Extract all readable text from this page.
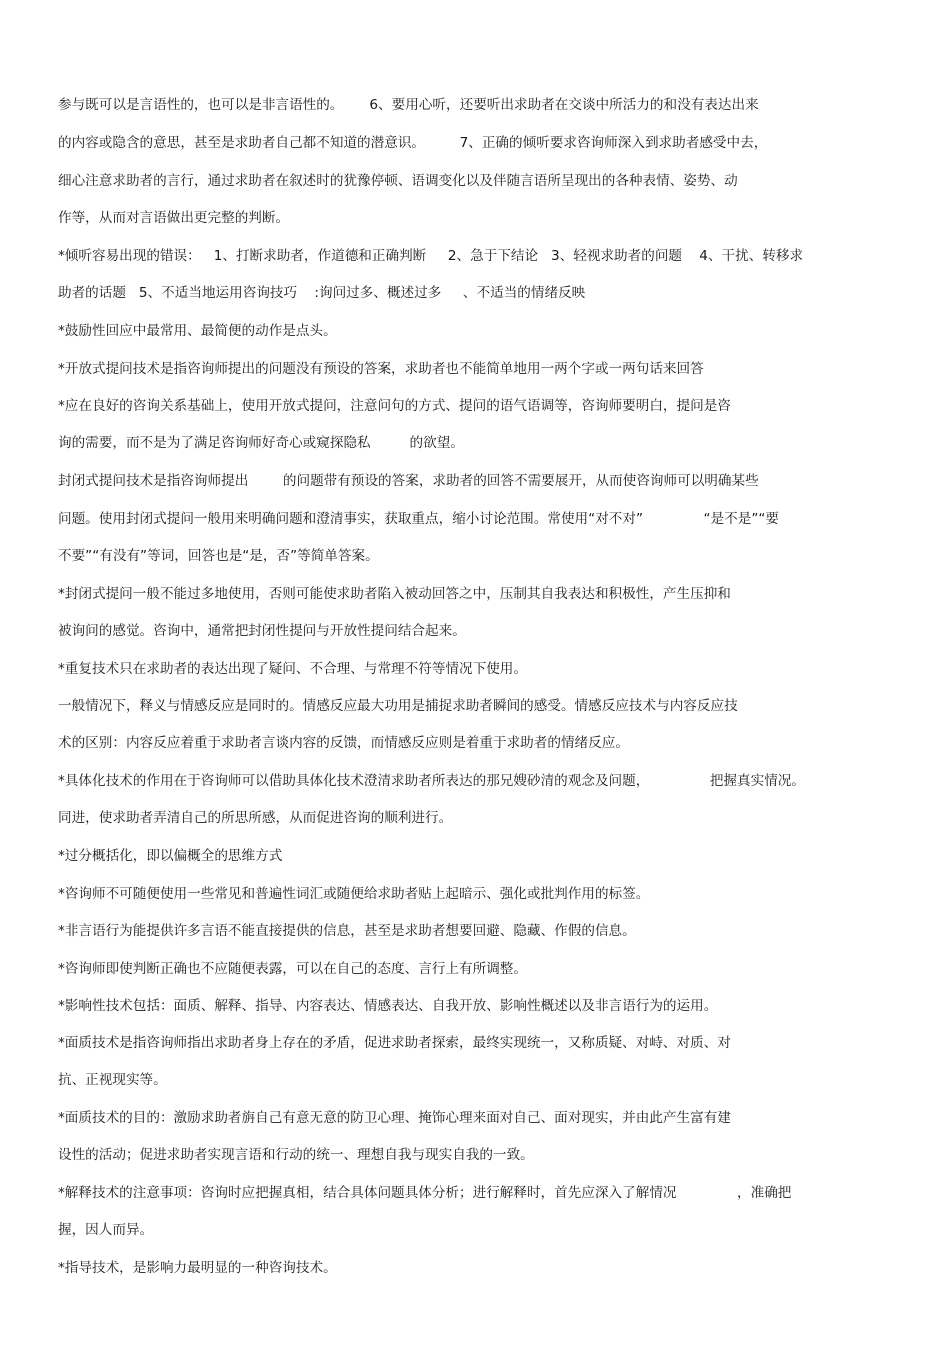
参与既可以是言语性的，也可以是非言语性的。      6、要用心听，还要听出求助者在交谈中所活力的和没有表达出来
的内容或隐含的意思，甚至是求助者自己都不知道的潜意识。        7、正确的倾听要求咨询师深入到求助者感受中去，
细心注意求助者的言行，通过求助者在叙述时的犹豫停顿、语调变化以及伴随言语所呈现出的各种表情、姿势、动
作等，从而对言语做出更完整的判断。
*倾听容易出现的错误：   1、打断求助者，作道德和正确判断     2、急于下结论   3、轻视求助者的问题    4、干扰、转移求
助者的话题   5、不适当地运用咨询技巧    :询问过多、概述过多     、不适当的情绪反映
*鼓励性回应中最常用、最简便的动作是点头。
*开放式提问技术是指咨询师提出的问题没有预设的答案，求助者也不能简单地用一两个字或一两句话来回答
*应在良好的咨询关系基础上，使用开放式提问，注意问句的方式、提问的语气语调等，咨询师要明白，提问是咨
询的需要，而不是为了满足咨询师好奇心或窥探隐私         的欲望。
封闭式提问技术是指咨询师提出        的问题带有预设的答案，求助者的回答不需要展开，从而使咨询师可以明确某些
问题。使用封闭式提问一般用来明确问题和澄清事实，获取重点，缩小讨论范围。常使用“对不对”              “是不是”“要
不要”“有没有”等词，回答也是“是，否”等简单答案。
*封闭式提问一般不能过多地使用，否则可能使求助者陷入被动回答之中，压制其自我表达和积极性，产生压抑和
被询问的感觉。咨询中，通常把封闭性提问与开放性提问结合起来。
*重复技术只在求助者的表达出现了疑问、不合理、与常理不符等情况下使用。
一般情况下，释义与情感反应是同时的。情感反应最大功用是捕捉求助者瞬间的感受。情感反应技术与内容反应技
术的区别：内容反应着重于求助者言谈内容的反馈，而情感反应则是着重于求助者的情绪反应。
*具体化技术的作用在于咨询师可以借助具体化技术澄清求助者所表达的那兄嫂砂清的观念及问题，              把握真实情况。
同进，使求助者弄清自己的所思所感，从而促进咨询的顺利进行。
*过分概括化，即以偏概全的思维方式
*咨询师不可随便使用一些常见和普遍性词汇或随便给求助者贴上起暗示、强化或批判作用的标签。
*非言语行为能提供许多言语不能直接提供的信息，甚至是求助者想要回避、隐藏、作假的信息。
*咨询师即使判断正确也不应随便表露，可以在自己的态度、言行上有所调整。
*影响性技术包括：面质、解释、指导、内容表达、情感表达、自我开放、影响性概述以及非言语行为的运用。
*面质技术是指咨询师指出求助者身上存在的矛盾，促进求助者探索，最终实现统一，又称质疑、对峙、对质、对
抗、正视现实等。
*面质技术的目的：激励求助者旃自己有意无意的防卫心理、掩饰心理来面对自己、面对现实，并由此产生富有建
设性的活动；促进求助者实现言语和行动的统一、理想自我与现实自我的一致。
*解释技术的注意事项：咨询时应把握真相，结合具体问题具体分析；进行解释时，首先应深入了解情况              ，准确把
握，因人而异。
*指导技术，是影响力最明显的一种咨询技术。
